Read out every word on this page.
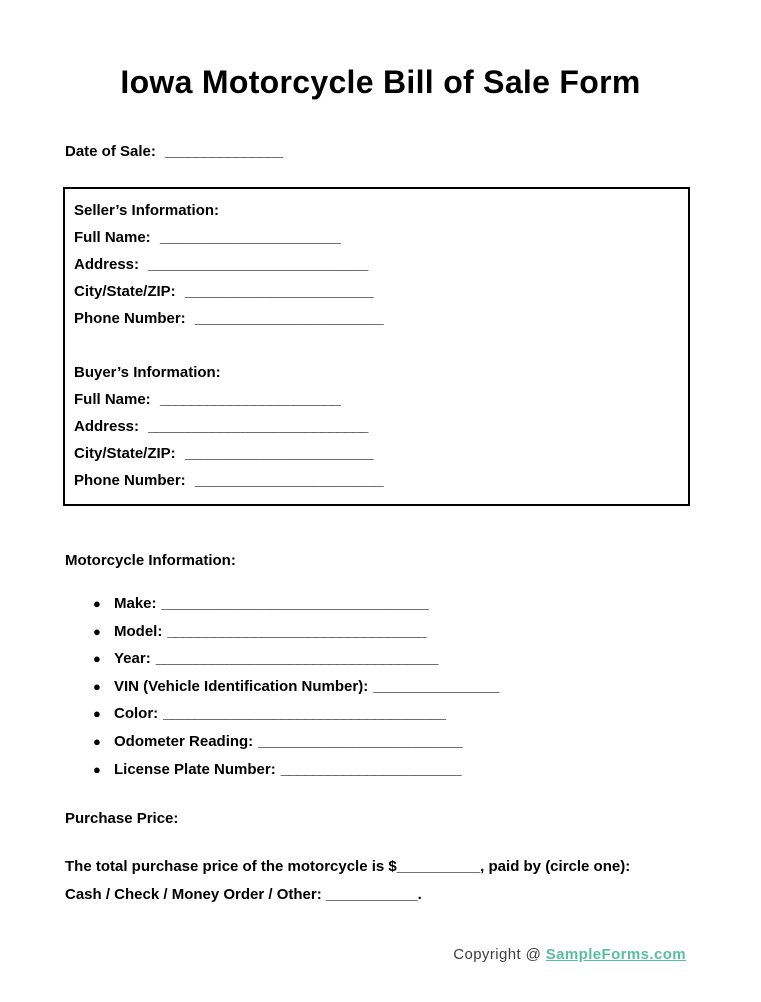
Iowa Motorcycle Bill of Sale Form
Date of Sale: _______________
Seller’s Information:
Full Name: _______________________
Address: ____________________________
City/State/ZIP: ________________________
Phone Number: ________________________
Buyer’s Information:
Full Name: _______________________
Address: ____________________________
City/State/ZIP: ________________________
Phone Number: ________________________
Motorcycle Information:
● Make: __________________________________
● Model: _________________________________
● Year: ____________________________________
● VIN (Vehicle Identification Number): ________________
● Color: ____________________________________
● Odometer Reading: __________________________
● License Plate Number: _______________________
Purchase Price:
The total purchase price of the motorcycle is $__________, paid by (circle one):
Cash / Check / Money Order / Other: ___________.
Copyright @ SampleForms.com
